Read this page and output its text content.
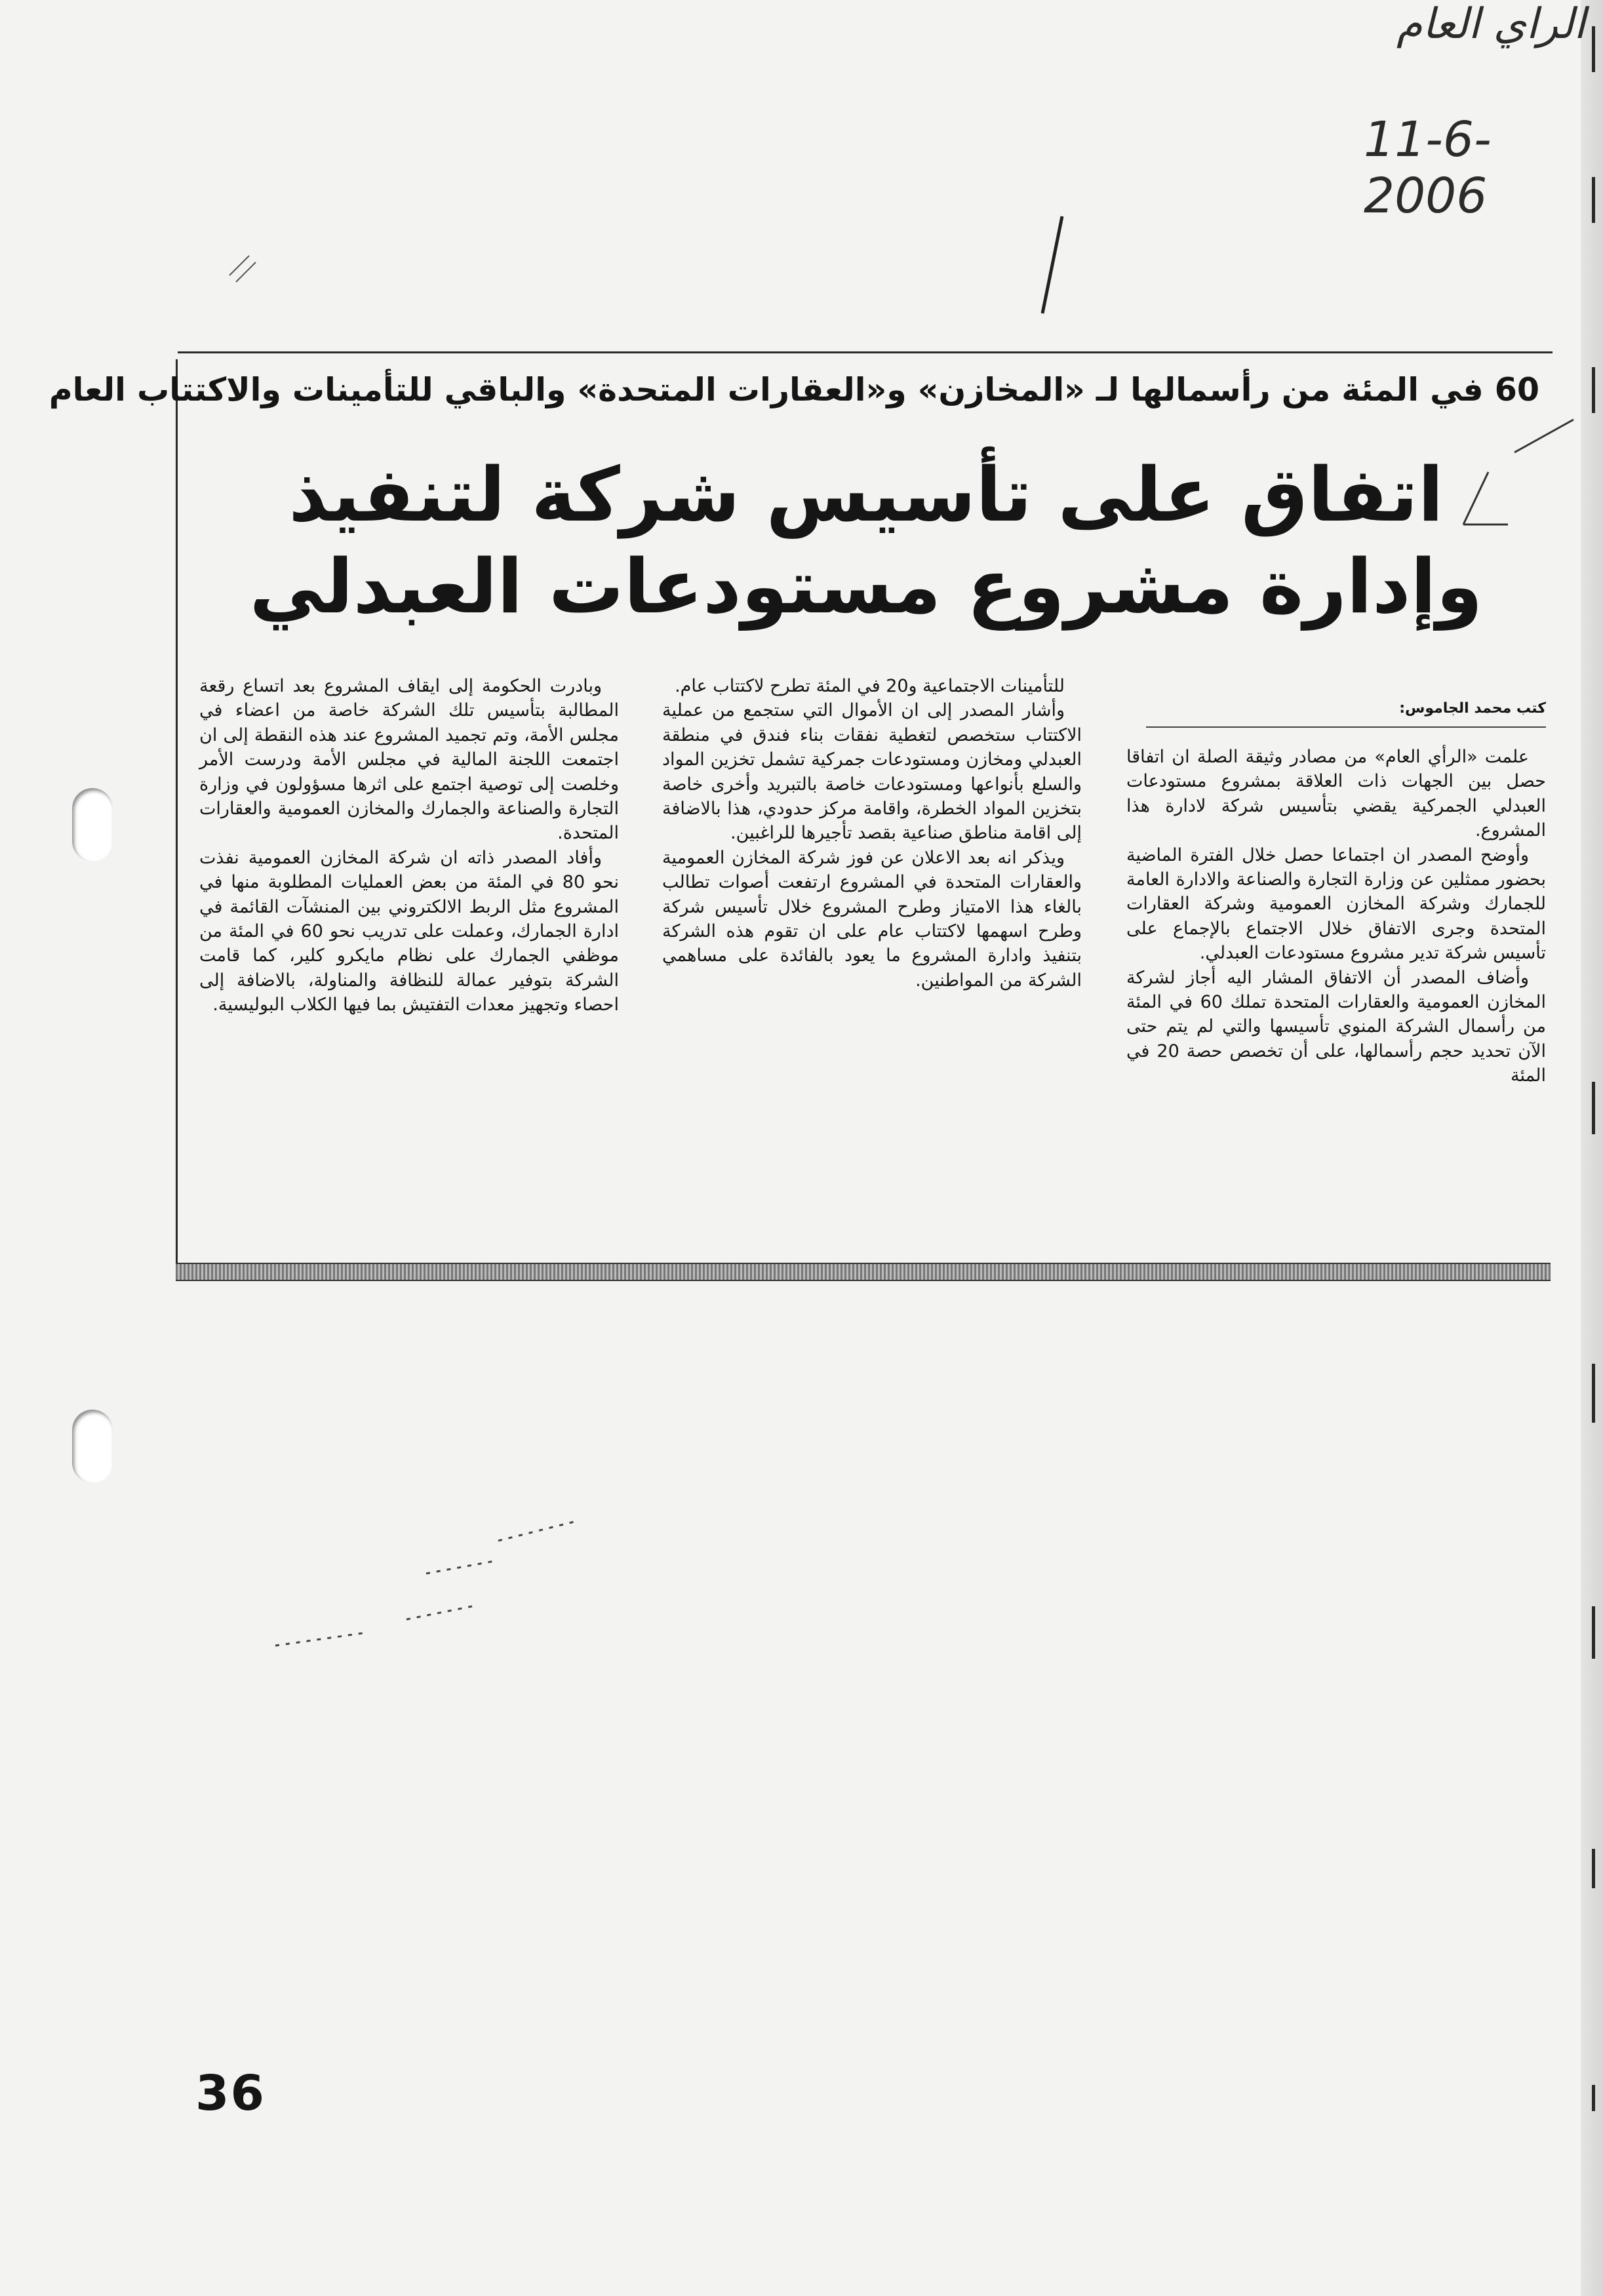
الراي العام
11-6-2006
60 في المئة من رأسمالها لـ «المخازن» و«العقارات المتحدة» والباقي للتأمينات والاكتتاب العام
اتفاق على تأسيس شركة لتنفيذ
وإدارة مشروع مستودعات العبدلي
كتب محمد الجاموس:

علمت «الرأي العام» من مصادر وثيقة الصلة ان اتفاقا حصل بين الجهات ذات العلاقة بمشروع مستودعات العبدلي الجمركية يقضي بتأسيس شركة لادارة هذا المشروع.

وأوضح المصدر ان اجتماعا حصل خلال الفترة الماضية بحضور ممثلين عن وزارة التجارة والصناعة والادارة العامة للجمارك وشركة المخازن العمومية وشركة العقارات المتحدة وجرى الاتفاق خلال الاجتماع بالإجماع على تأسيس شركة تدير مشروع مستودعات العبدلي.

وأضاف المصدر أن الاتفاق المشار اليه أجاز لشركة المخازن العمومية والعقارات المتحدة تملك 60 في المئة من رأسمال الشركة المنوي تأسيسها والتي لم يتم حتى الآن تحديد حجم رأسمالها، على أن تخصص حصة 20 في المئة

للتأمينات الاجتماعية و20 في المئة تطرح لاكتتاب عام.

وأشار المصدر إلى ان الأموال التي ستجمع من عملية الاكتتاب ستخصص لتغطية نفقات بناء فندق في منطقة العبدلي ومخازن ومستودعات جمركية تشمل تخزين المواد والسلع بأنواعها ومستودعات خاصة بالتبريد وأخرى خاصة بتخزين المواد الخطرة، واقامة مركز حدودي، هذا بالاضافة إلى اقامة مناطق صناعية بقصد تأجيرها للراغبين.

ويذكر انه بعد الاعلان عن فوز شركة المخازن العمومية والعقارات المتحدة في المشروع ارتفعت أصوات تطالب بالغاء هذا الامتياز وطرح المشروع خلال تأسيس شركة وطرح اسهمها لاكتتاب عام على ان تقوم هذه الشركة بتنفيذ وادارة المشروع ما يعود بالفائدة على مساهمي الشركة من المواطنين.

وبادرت الحكومة إلى ايقاف المشروع بعد اتساع رقعة المطالبة بتأسيس تلك الشركة خاصة من اعضاء في مجلس الأمة، وتم تجميد المشروع عند هذه النقطة إلى ان اجتمعت اللجنة المالية في مجلس الأمة ودرست الأمر وخلصت إلى توصية اجتمع على اثرها مسؤولون في وزارة التجارة والصناعة والجمارك والمخازن العمومية والعقارات المتحدة.

وأفاد المصدر ذاته ان شركة المخازن العمومية نفذت نحو 80 في المئة من بعض العمليات المطلوبة منها في المشروع مثل الربط الالكتروني بين المنشآت القائمة في ادارة الجمارك، وعملت على تدريب نحو 60 في المئة من موظفي الجمارك على نظام مايكرو كلير، كما قامت الشركة بتوفير عمالة للنظافة والمناولة، بالاضافة إلى احصاء وتجهيز معدات التفتيش بما فيها الكلاب البوليسية.

36
